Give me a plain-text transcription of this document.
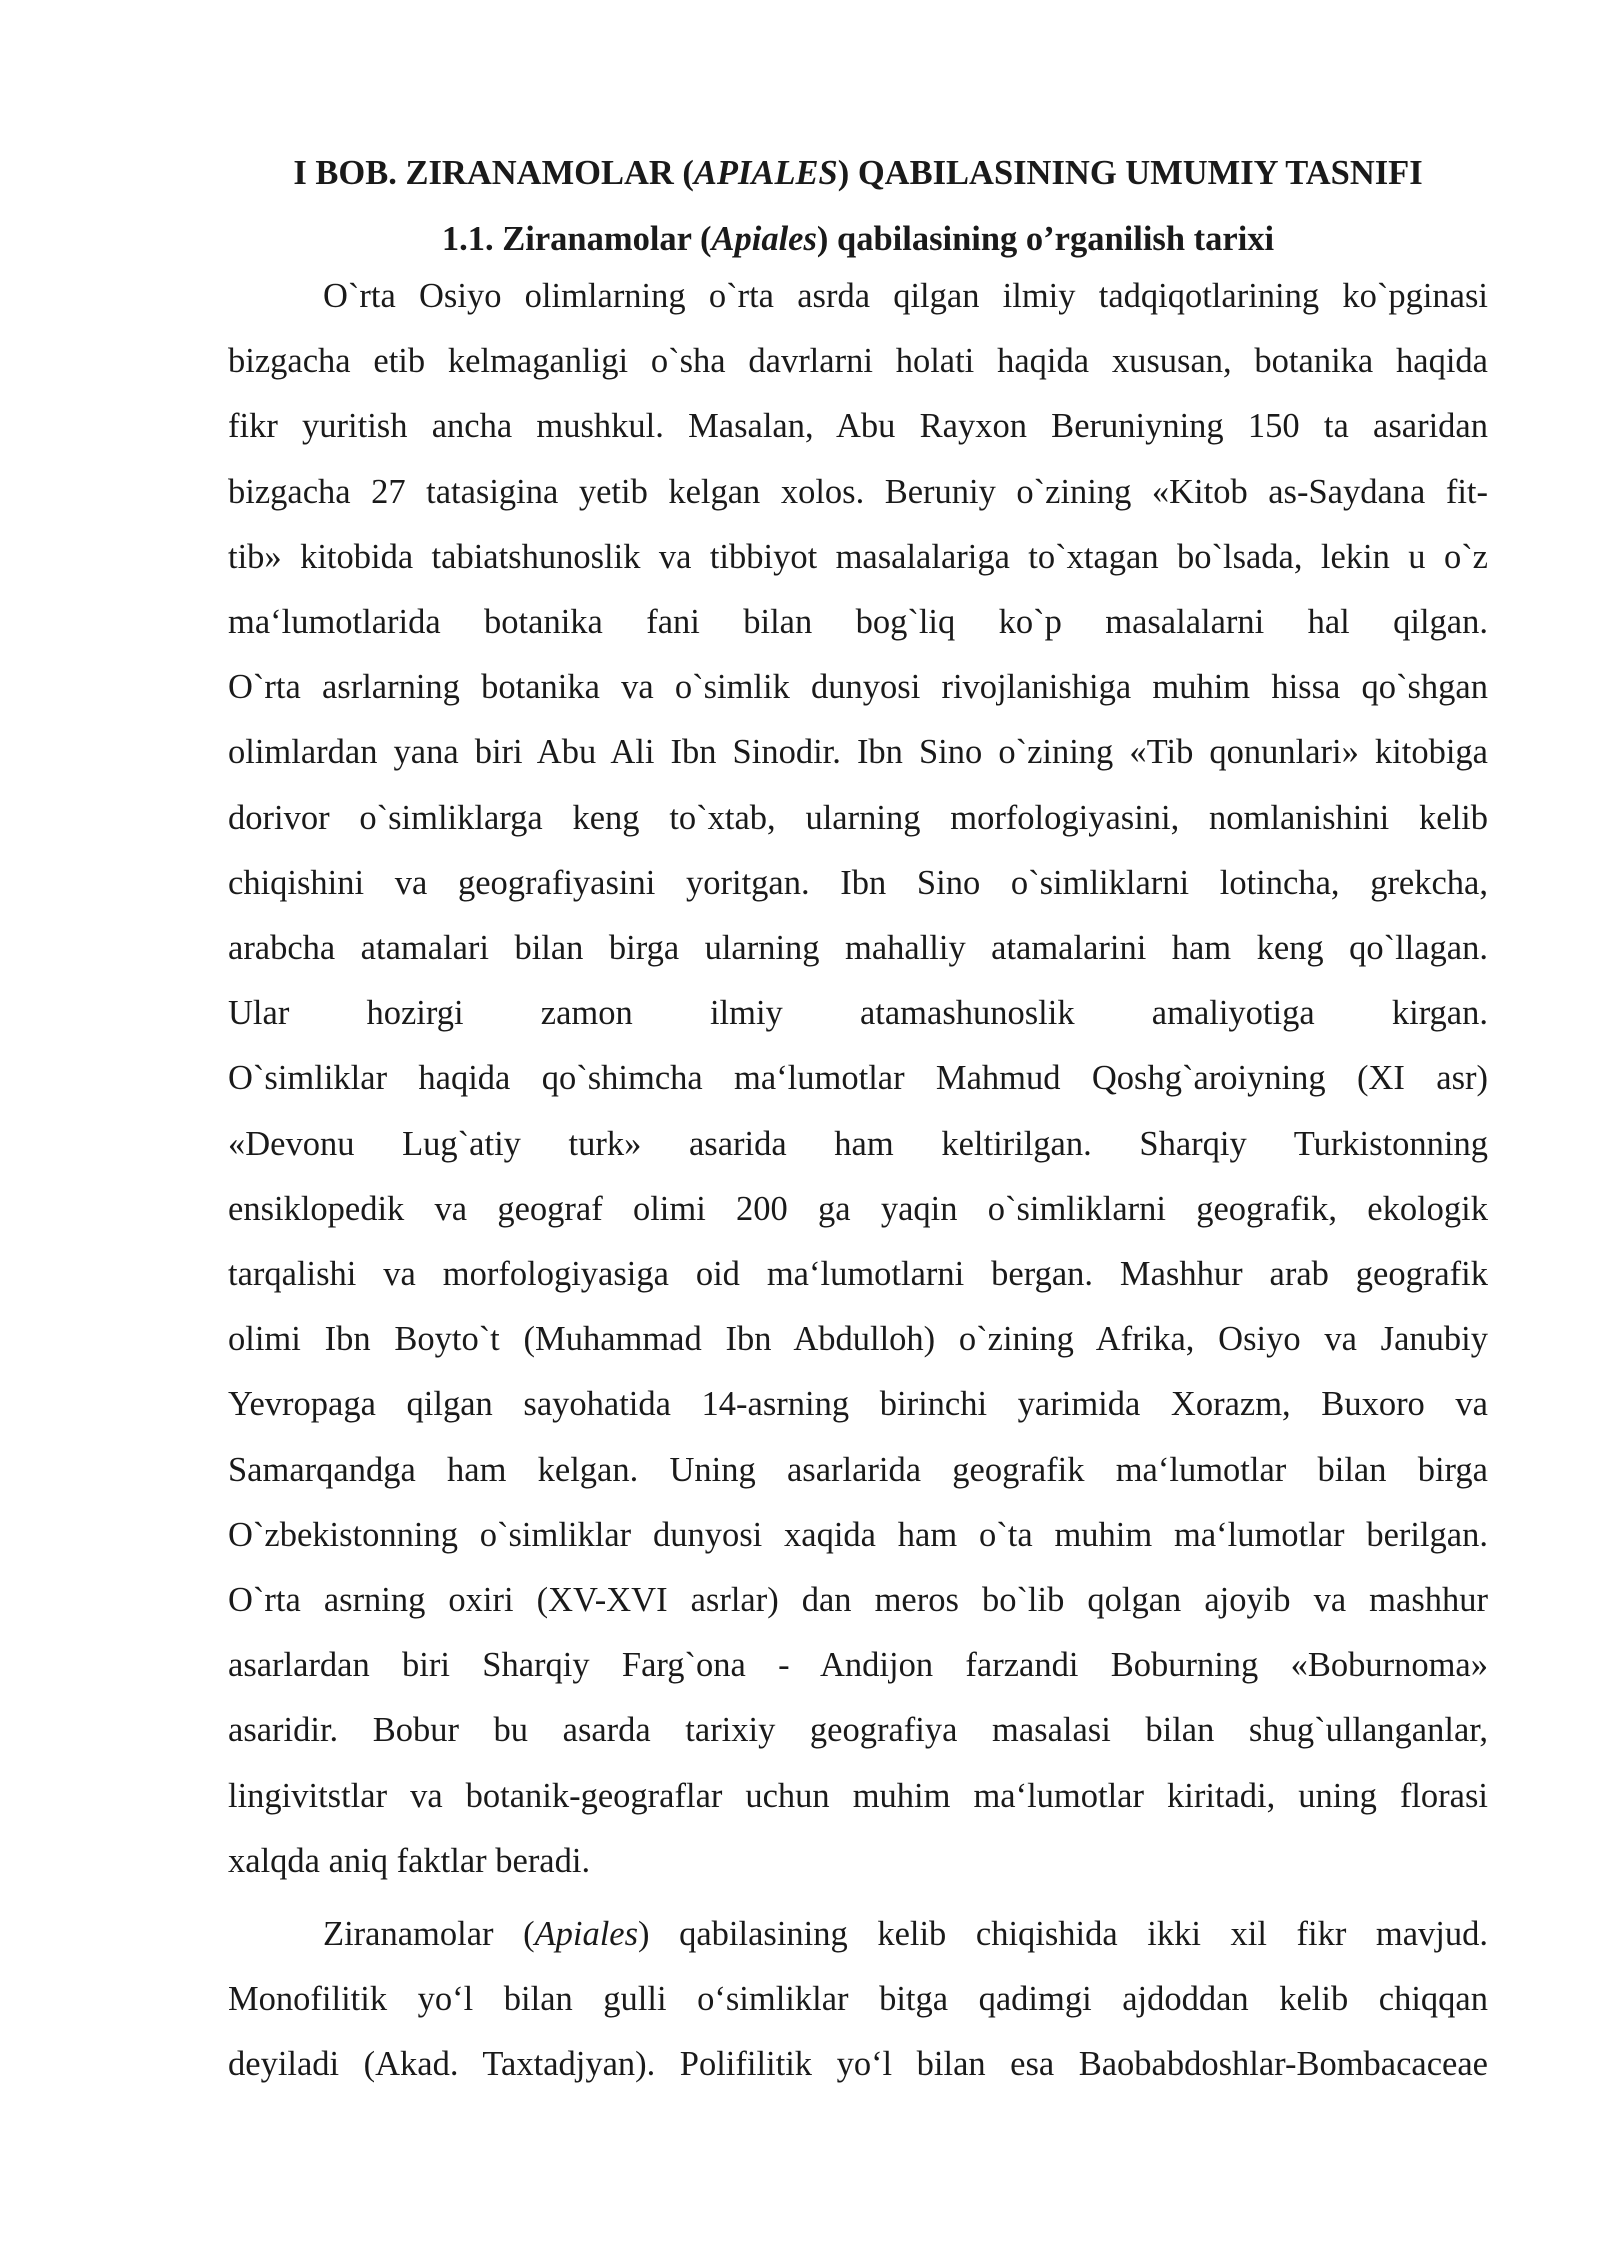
I BOB. ZIRANAMOLAR (APIALES) QABILASINING UMUMIY TASNIFI
1.1. Ziranamolar (Apiales) qabilasining o’rganilish tarixi
O`rta Osiyo olimlarning o`rta asrda qilgan ilmiy tadqiqotlarining ko`pginasi
bizgacha etib kelmaganligi o`sha davrlarni holati haqida xususan, botanika haqida
fikr yuritish ancha mushkul. Masalan, Abu Rayxon Beruniyning 150 ta asaridan
bizgacha 27 tatasigina yetib kelgan xolos. Beruniy o`zining «Kitob as-Saydana fit-
tib» kitobida tabiatshunoslik va tibbiyot masalalariga to`xtagan bo`lsada, lekin u o`z
ma‘lumotlarida botanika fani bilan bog`liq ko`p masalalarni hal qilgan.
O`rta asrlarning botanika va o`simlik dunyosi rivojlanishiga muhim hissa qo`shgan
olimlardan yana biri Abu Ali Ibn Sinodir. Ibn Sino o`zining «Tib qonunlari» kitobiga
dorivor o`simliklarga keng to`xtab, ularning morfologiyasini, nomlanishini kelib
chiqishini va geografiyasini yoritgan. Ibn Sino o`simliklarni lotincha, grekcha,
arabcha atamalari bilan birga ularning mahalliy atamalarini ham keng qo`llagan.
Ular hozirgi zamon ilmiy atamashunoslik amaliyotiga kirgan.
O`simliklar haqida qo`shimcha ma‘lumotlar Mahmud Qoshg`aroiyning (XI asr)
«Devonu Lug`atiy turk» asarida ham keltirilgan. Sharqiy Turkistonning
ensiklopedik va geograf olimi 200 ga yaqin o`simliklarni geografik, ekologik
tarqalishi va morfologiyasiga oid ma‘lumotlarni bergan. Mashhur arab geografik
olimi Ibn Boyto`t (Muhammad Ibn Abdulloh) o`zining Afrika, Osiyo va Janubiy
Yevropaga qilgan sayohatida 14-asrning birinchi yarimida Xorazm, Buxoro va
Samarqandga ham kelgan. Uning asarlarida geografik ma‘lumotlar bilan birga
O`zbekistonning o`simliklar dunyosi xaqida ham o`ta muhim ma‘lumotlar berilgan.
O`rta asrning oxiri (XV-XVI asrlar) dan meros bo`lib qolgan ajoyib va mashhur
asarlardan biri Sharqiy Farg`ona - Andijon farzandi Boburning «Boburnoma»
asaridir. Bobur bu asarda tarixiy geografiya masalasi bilan shug`ullanganlar,
lingivitstlar va botanik-geograflar uchun muhim ma‘lumotlar kiritadi, uning florasi
xalqda aniq faktlar beradi.
Ziranamolar (Apiales) qabilasining kelib chiqishida ikki xil fikr mavjud.
Monofilitik yo‘l bilan gulli o‘simliklar bitga qadimgi ajdoddan kelib chiqqan
deyiladi (Akad. Taxtadjyan). Polifilitik yo‘l bilan esa Baobabdoshlar-Bombacaceae
